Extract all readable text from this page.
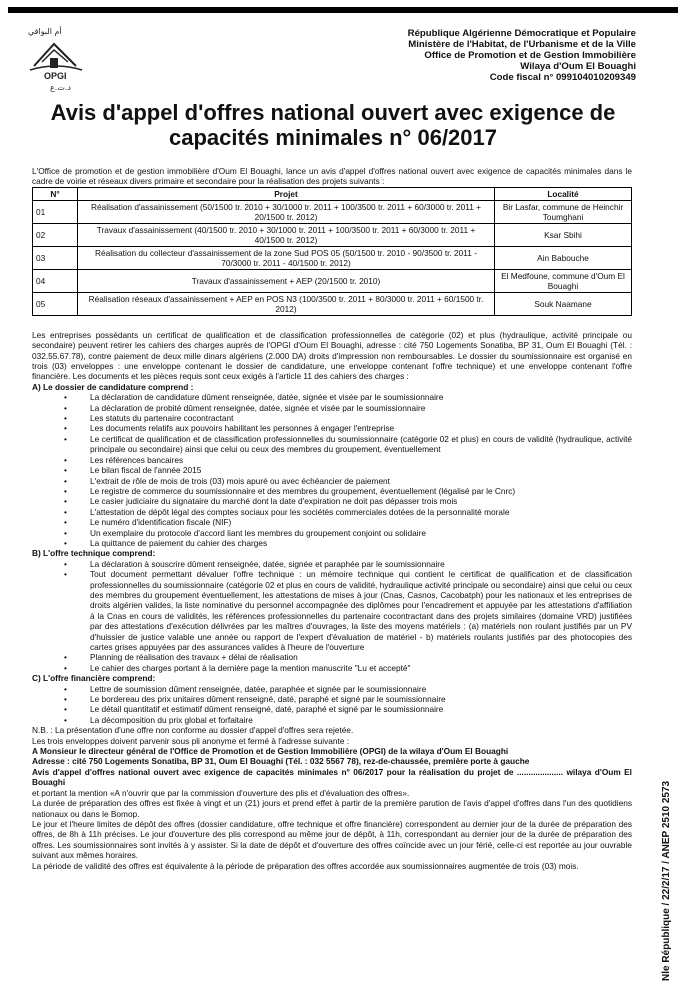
أم البواقي
OPGI
د.ت.ع
République Algérienne Démocratique et Populaire
Ministère de l'Habitat, de l'Urbanisme et de la Ville
Office de Promotion et de Gestion Immobilière
Wilaya d'Oum El Bouaghi
Code fiscal n° 099104010209349
Avis d'appel d'offres national ouvert avec exigence de capacités minimales n° 06/2017

L'Office de promotion et de gestion immobilière d'Oum El Bouaghi, lance un avis d'appel d'offres national ouvert avec exigence de capacités minimales dans le cadre de voirie et réseaux divers primaire et secondaire pour la réalisation des projets suivants :

N°	Projet	Localité
01	Réalisation d'assainissement (50/1500 tr. 2010 + 30/1000 tr. 2011 + 100/3500 tr. 2011 + 60/3000 tr. 2011 + 20/1500 tr. 2012)	Bir Lasfar, commune de Heinchir Toumghani
02	Travaux d'assainissement (40/1500 tr. 2010 + 30/1000 tr. 2011 + 100/3500 tr. 2011 + 60/3000 tr. 2011 + 40/1500 tr. 2012)	Ksar Sbihi
03	Réalisation du collecteur d'assainissement de la zone Sud POS 05 (50/1500 tr. 2010 - 90/3500 tr. 2011 - 70/3000 tr. 2011 - 40/1500 tr. 2012)	Ain Babouche
04	Travaux d'assainissement + AEP (20/1500 tr. 2010)	El Medfoune, commune d'Oum El Bouaghi
05	Réalisation réseaux d'assainissement + AEP en POS N3 (100/3500 tr. 2011 + 80/3000 tr. 2011 + 60/1500 tr. 2012)	Souk Naamane

Les entreprises possédants un certificat de qualification et de classification professionnelles de catégorie (02) et plus (hydraulique, activité principale ou secondaire) peuvent retirer les cahiers des charges auprès de l'OPGI d'Oum El Bouaghi, adresse : cité 750 Logements Sonatiba, BP 31, Oum El Bouaghi (Tél. : 032.55.67.78), contre paiement de deux mille dinars algériens (2.000 DA) droits d'impression non remboursables. Le dossier du soumissionnaire est organisé en trois (03) enveloppes : une enveloppe contenant le dossier de candidature, une enveloppe contenant l'offre technique) et une enveloppe contenant l'offre financière. Les documents et les pièces requis sont ceux exigés à l'article 11 des cahiers des charges :

A) Le dossier de candidature comprend :

• La déclaration de candidature dûment renseignée, datée, signée et visée par le soumissionnaire
• La déclaration de probité dûment renseignée, datée, signée et visée par le soumissionnaire
• Les statuts du partenaire cocontractant
• Les documents relatifs aux pouvoirs habilitant les personnes à engager l'entreprise
• Le certificat de qualification et de classification professionnelles du soumissionnaire (catégorie 02 et plus) en cours de validité (hydraulique, activité principale ou secondaire) ainsi que celui ou ceux des membres du groupement, éventuellement
• Les références bancaires
• Le bilan fiscal de l'année 2015
• L'extrait de rôle de mois de trois (03) mois apuré ou avec échéancier de paiement
• Le registre de commerce du soumissionnaire et des membres du groupement, éventuellement (légalisé par le Cnrc)
• Le casier judiciaire du signataire du marché dont la date d'expiration ne doit pas dépasser trois mois
• L'attestation de dépôt légal des comptes sociaux pour les sociétés commerciales dotées de la personnalité morale
• Le numéro d'identification fiscale (NIF)
• Un exemplaire du protocole d'accord liant les membres du groupement conjoint ou solidaire
• La quittance de paiement du cahier des charges

B) L'offre technique comprend:

• La déclaration à souscrire dûment renseignée, datée, signée et paraphée par le soumissionnaire
• Tout document permettant dévaluer l'offre technique : un mémoire technique qui contient le certificat de qualification et de classification professionnelles du soumissionnaire (catégorie 02 et plus en cours de validité, hydraulique activité principale ou secondaire) ainsi que celui ou ceux des membres du groupement éventuellement, les attestations de mises à jour (Cnas, Casnos, Cacobatph) pour les nationaux et les entreprises de droits algérien valides, la liste nominative du personnel accompagnée des diplômes pour l'encadrement et appuyée par les attestations d'affiliation à la Cnas en cours de validités, les références professionnelles du partenaire cocontractant dans des projets similaires (domaine VRD) justifiées par des attestations d'exécution délivrées par les maîtres d'ouvrages, la liste des moyens matériels : (a) matériels non roulant justifiés par un PV d'huissier de justice valable une année ou rapport de l'expert d'évaluation de matériel - b) matériels roulants justifiés par des photocopies des cartes grises appuyées par des assurances valides à l'heure de l'ouverture
• Planning de réalisation des travaux + délai de réalisation
• Le cahier des charges portant à la dernière page la mention manuscrite "Lu et accepté"

C) L'offre financière comprend:

• Lettre de soumission dûment renseignée, datée, paraphée et signée par le soumissionnaire
• Le bordereau des prix unitaires dûment renseigné, daté, paraphé et signé par le soumissionnaire
• Le détail quantitatif et estimatif dûment renseigné, daté, paraphé et signé par le soumissionnaire
• La décomposition du prix global et forfaitaire

N.B. : La présentation d'une offre non conforme au dossier d'appel d'offres sera rejetée.

Les trois enveloppes doivent parvenir sous pli anonyme et fermé à l'adresse suivante :

A Monsieur le directeur général de l'Office de Promotion et de Gestion Immobilière (OPGI) de la wilaya d'Oum El Bouaghi

Adresse : cité 750 Logements Sonatiba, BP 31, Oum El Bouaghi (Tél. : 032 5567 78), rez-de-chaussée, première porte à gauche

Avis d'appel d'offres national ouvert avec exigence de capacités minimales n° 06/2017 pour la réalisation du projet de .................... wilaya d'Oum El Bouaghi

et portant la mention «A n'ouvrir que par la commission d'ouverture des plis et d'évaluation des offres».

La durée de préparation des offres est fixée à vingt et un (21) jours et prend effet à partir de la première parution de l'avis d'appel d'offres dans l'un des quotidiens nationaux ou dans le Bomop.

Le jour et l'heure limites de dépôt des offres (dossier candidature, offre technique et offre financière) correspondent au dernier jour de la durée de préparation des offres, de 8h à 11h précises. Le jour d'ouverture des plis correspond au même jour de dépôt, à 11h, correspondant au dernier jour de la durée de préparation des offres. Les soumissionnaires sont invités à y assister. Si la date de dépôt et d'ouverture des offres coïncide avec un jour férié, celle-ci est reportée au jour ouvrable suivant aux mêmes horaires.

La période de validité des offres est équivalente à la période de préparation des offres accordée aux soumissionnaires augmentée de trois (03) mois.	Nle République / 22/2/17 / ANEP 2510 2573
